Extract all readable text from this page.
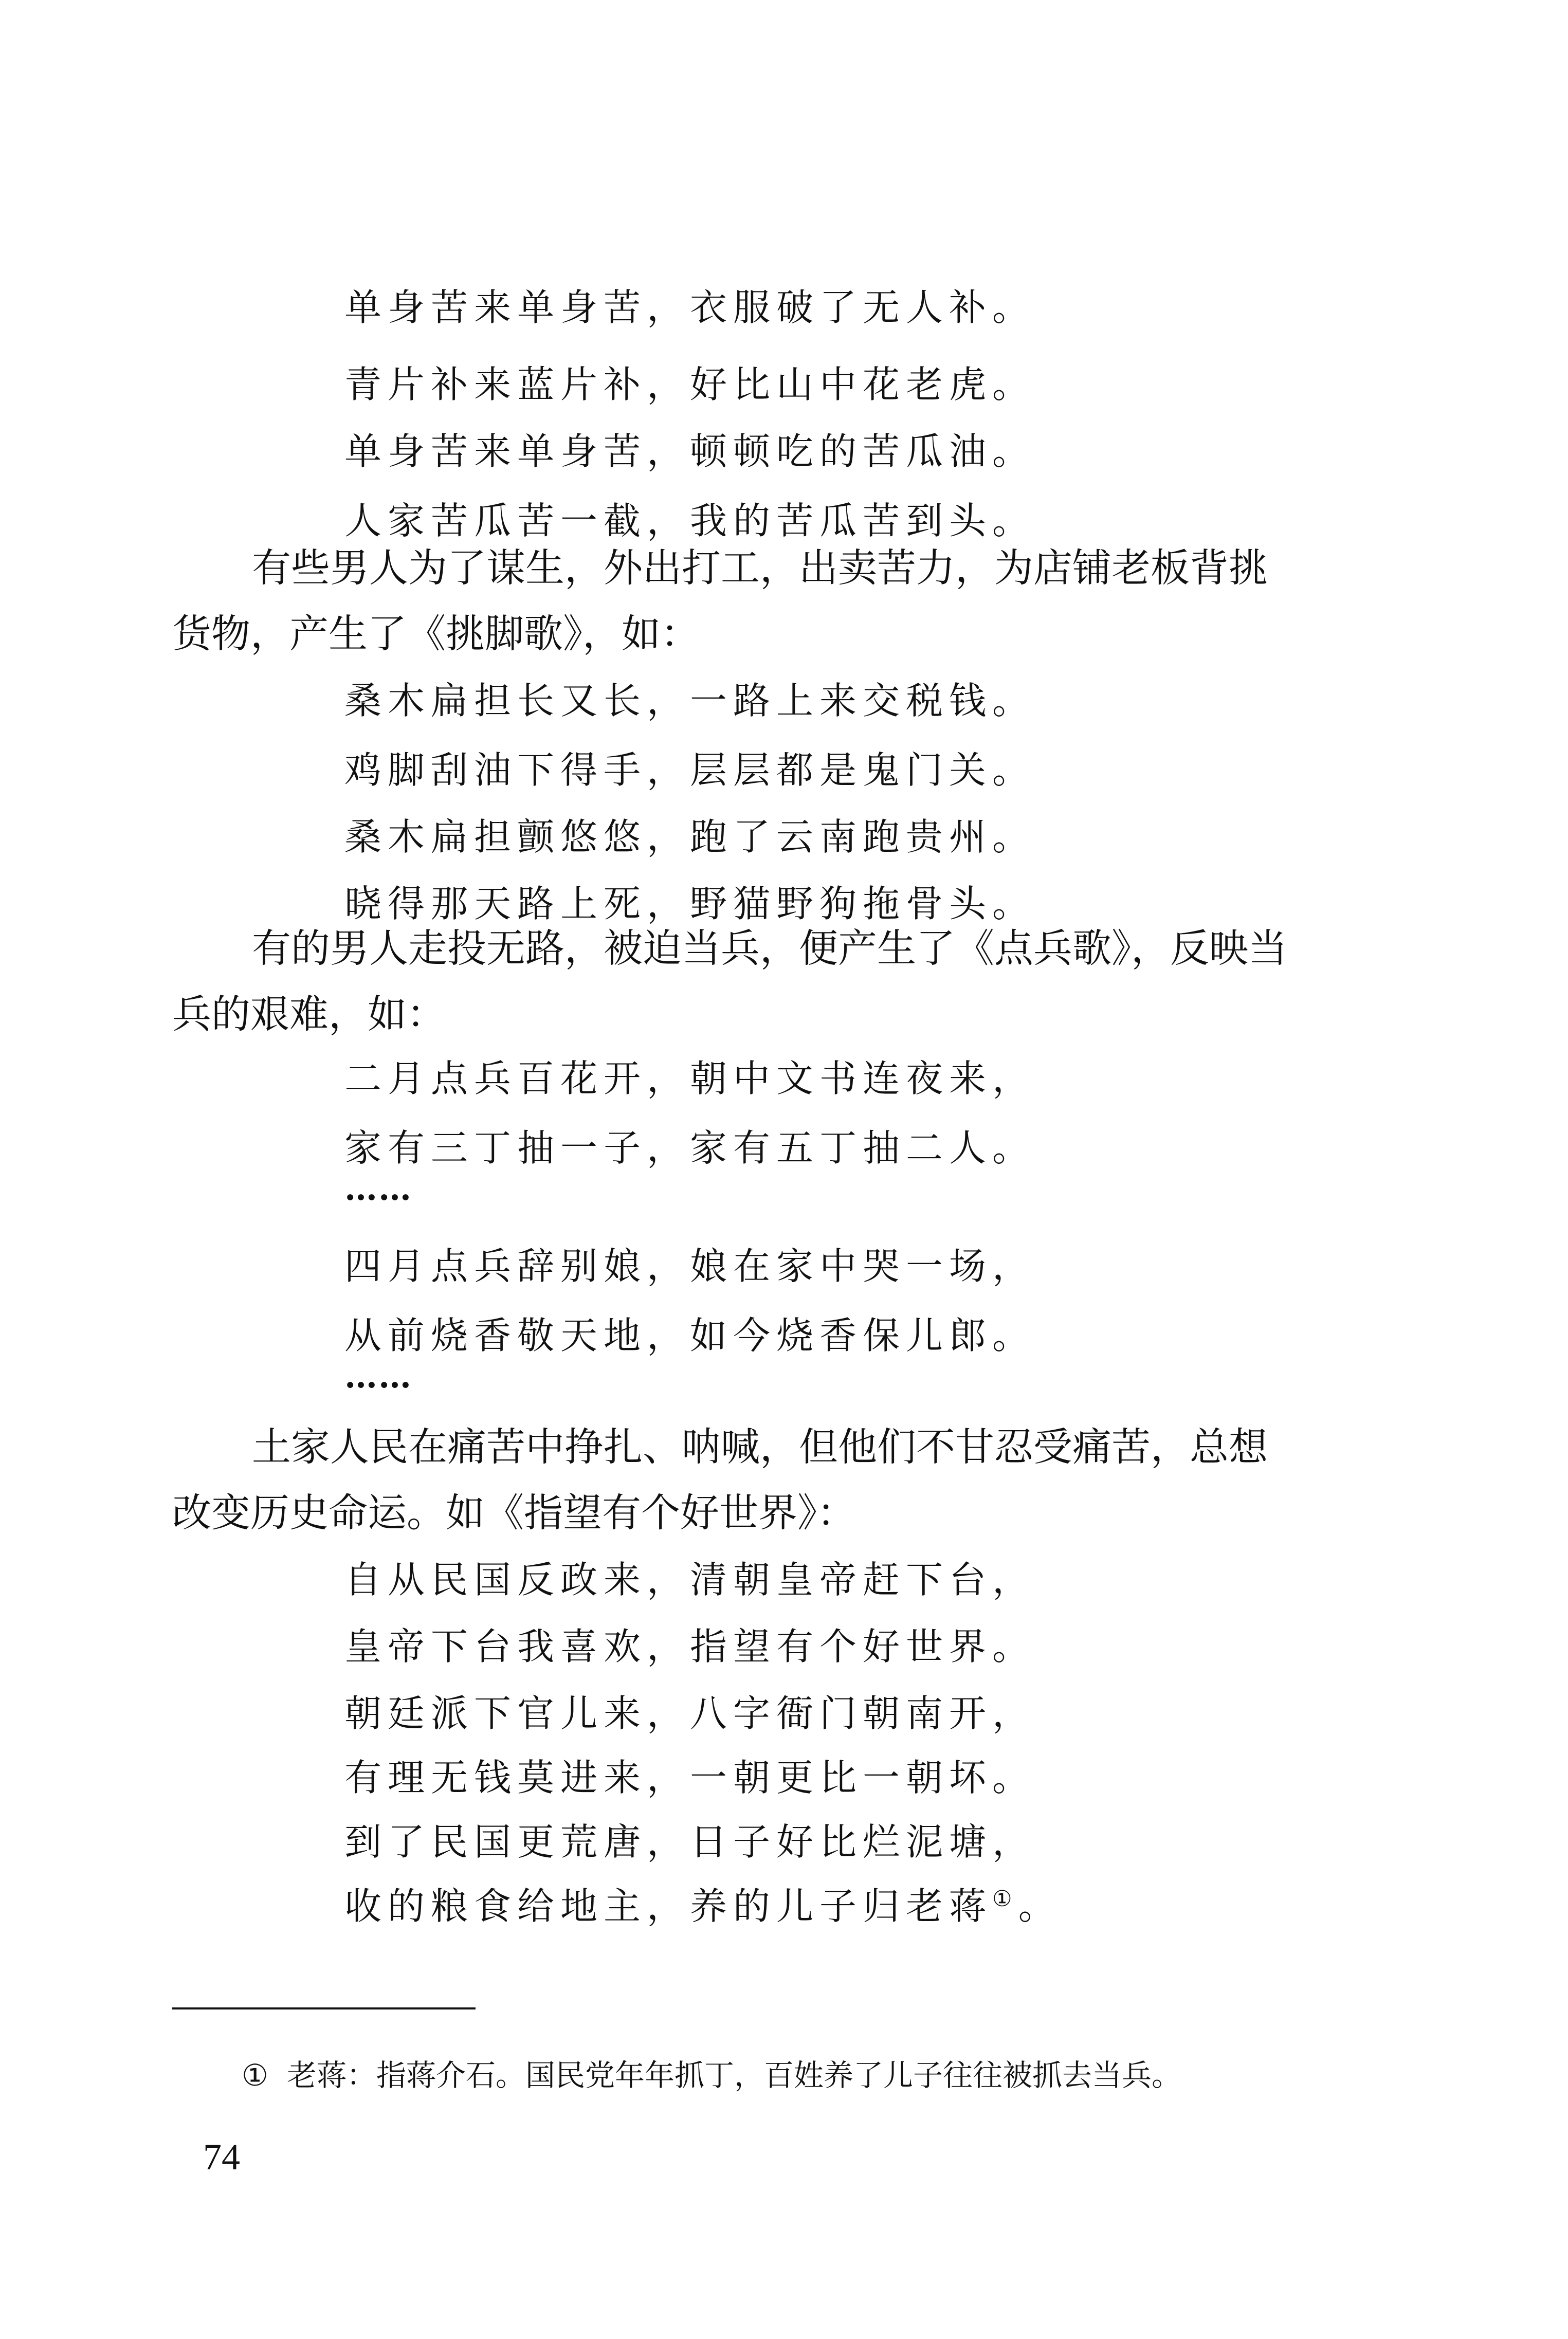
单身苦来单身苦，衣服破了无人补。
青片补来蓝片补，好比山中花老虎。
单身苦来单身苦，顿顿吃的苦瓜油。
人家苦瓜苦一截，我的苦瓜苦到头。
有些男人为了谋生，外出打工，出卖苦力，为店铺老板背挑
货物，产生了《挑脚歌》，如：
桑木扁担长又长，一路上来交税钱。
鸡脚刮油下得手，层层都是鬼门关。
桑木扁担颤悠悠，跑了云南跑贵州。
晓得那天路上死，野猫野狗拖骨头。
有的男人走投无路，被迫当兵，便产生了《点兵歌》，反映当
兵的艰难，如：
二月点兵百花开，朝中文书连夜来，
家有三丁抽一子，家有五丁抽二人。
……
四月点兵辞别娘，娘在家中哭一场，
从前烧香敬天地，如今烧香保儿郎。
……
土家人民在痛苦中挣扎、呐喊，但他们不甘忍受痛苦，总想
改变历史命运。如《指望有个好世界》：
自从民国反政来，清朝皇帝赶下台，
皇帝下台我喜欢，指望有个好世界。
朝廷派下官儿来，八字衙门朝南开，
有理无钱莫进来，一朝更比一朝坏。
到了民国更荒唐，日子好比烂泥塘，
收的粮食给地主，养的儿子归老蒋①。
① 老蒋：指蒋介石。国民党年年抓丁，百姓养了儿子往往被抓去当兵。
74
